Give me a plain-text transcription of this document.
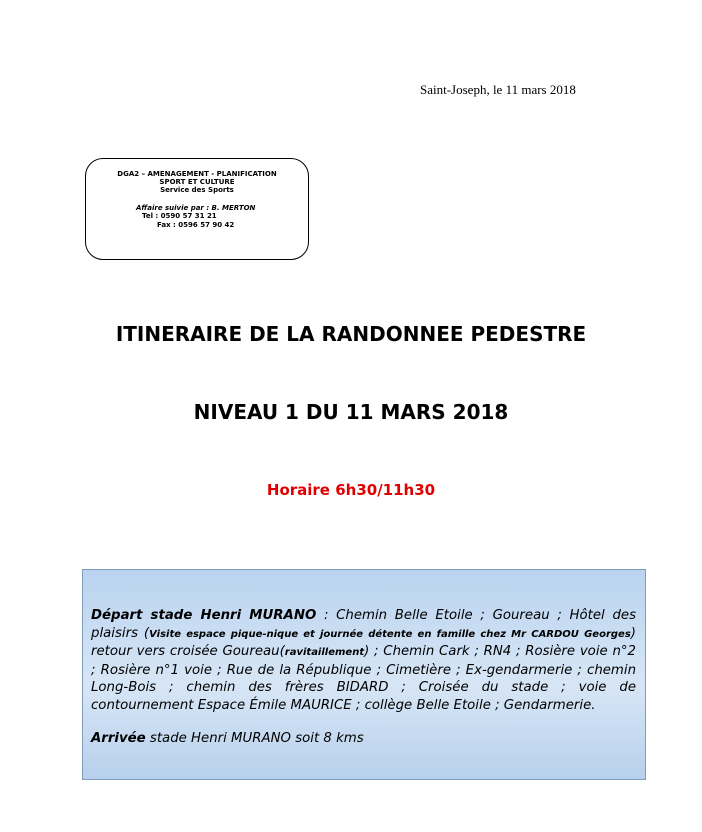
Saint-Joseph, le 11 mars 2018
DGA2 – AMENAGEMENT - PLANIFICATION
SPORT ET CULTURE
Service des Sports
Affaire suivie par : B. MERTON
Tel : 0590 57 31 21
Fax : 0596 57 90 42
ITINERAIRE DE LA RANDONNEE PEDESTRE
NIVEAU 1 DU 11 MARS 2018
Horaire 6h30/11h30

Départ stade Henri MURANO : Chemin Belle Etoile ; Goureau ; Hôtel des plaisirs (Visite espace pique-nique et journée détente en famille chez Mr CARDOU Georges) retour vers croisée Goureau(ravitaillement) ; Chemin Cark ; RN4 ; Rosière voie n°2 ; Rosière n°1 voie ; Rue de la République ; Cimetière ; Ex-gendarmerie ; chemin Long-Bois ; chemin des frères BIDARD ; Croisée du stade ; voie de contournement Espace Émile MAURICE ; collège Belle Etoile ; Gendarmerie.

Arrivée stade Henri MURANO soit 8 kms
